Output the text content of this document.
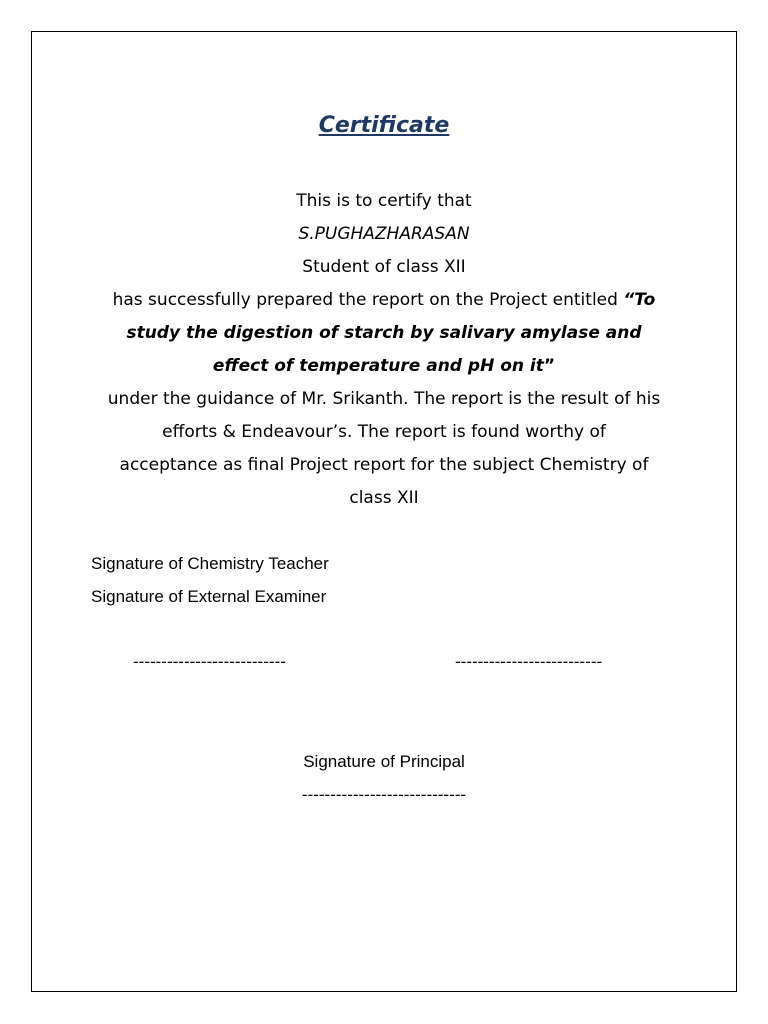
Certificate
This is to certify that
S.PUGHAZHARASAN
Student of class XII
has successfully prepared the report on the Project entitled “To
study the digestion of starch by salivary amylase and
effect of temperature and pH on it”
under the guidance of Mr. Srikanth. The report is the result of his
efforts & Endeavour’s. The report is found worthy of
acceptance as final Project report for the subject Chemistry of
class XII
Signature of Chemistry Teacher
Signature of External Examiner
---------------------------	--------------------------
Signature of Principal
-----------------------------
